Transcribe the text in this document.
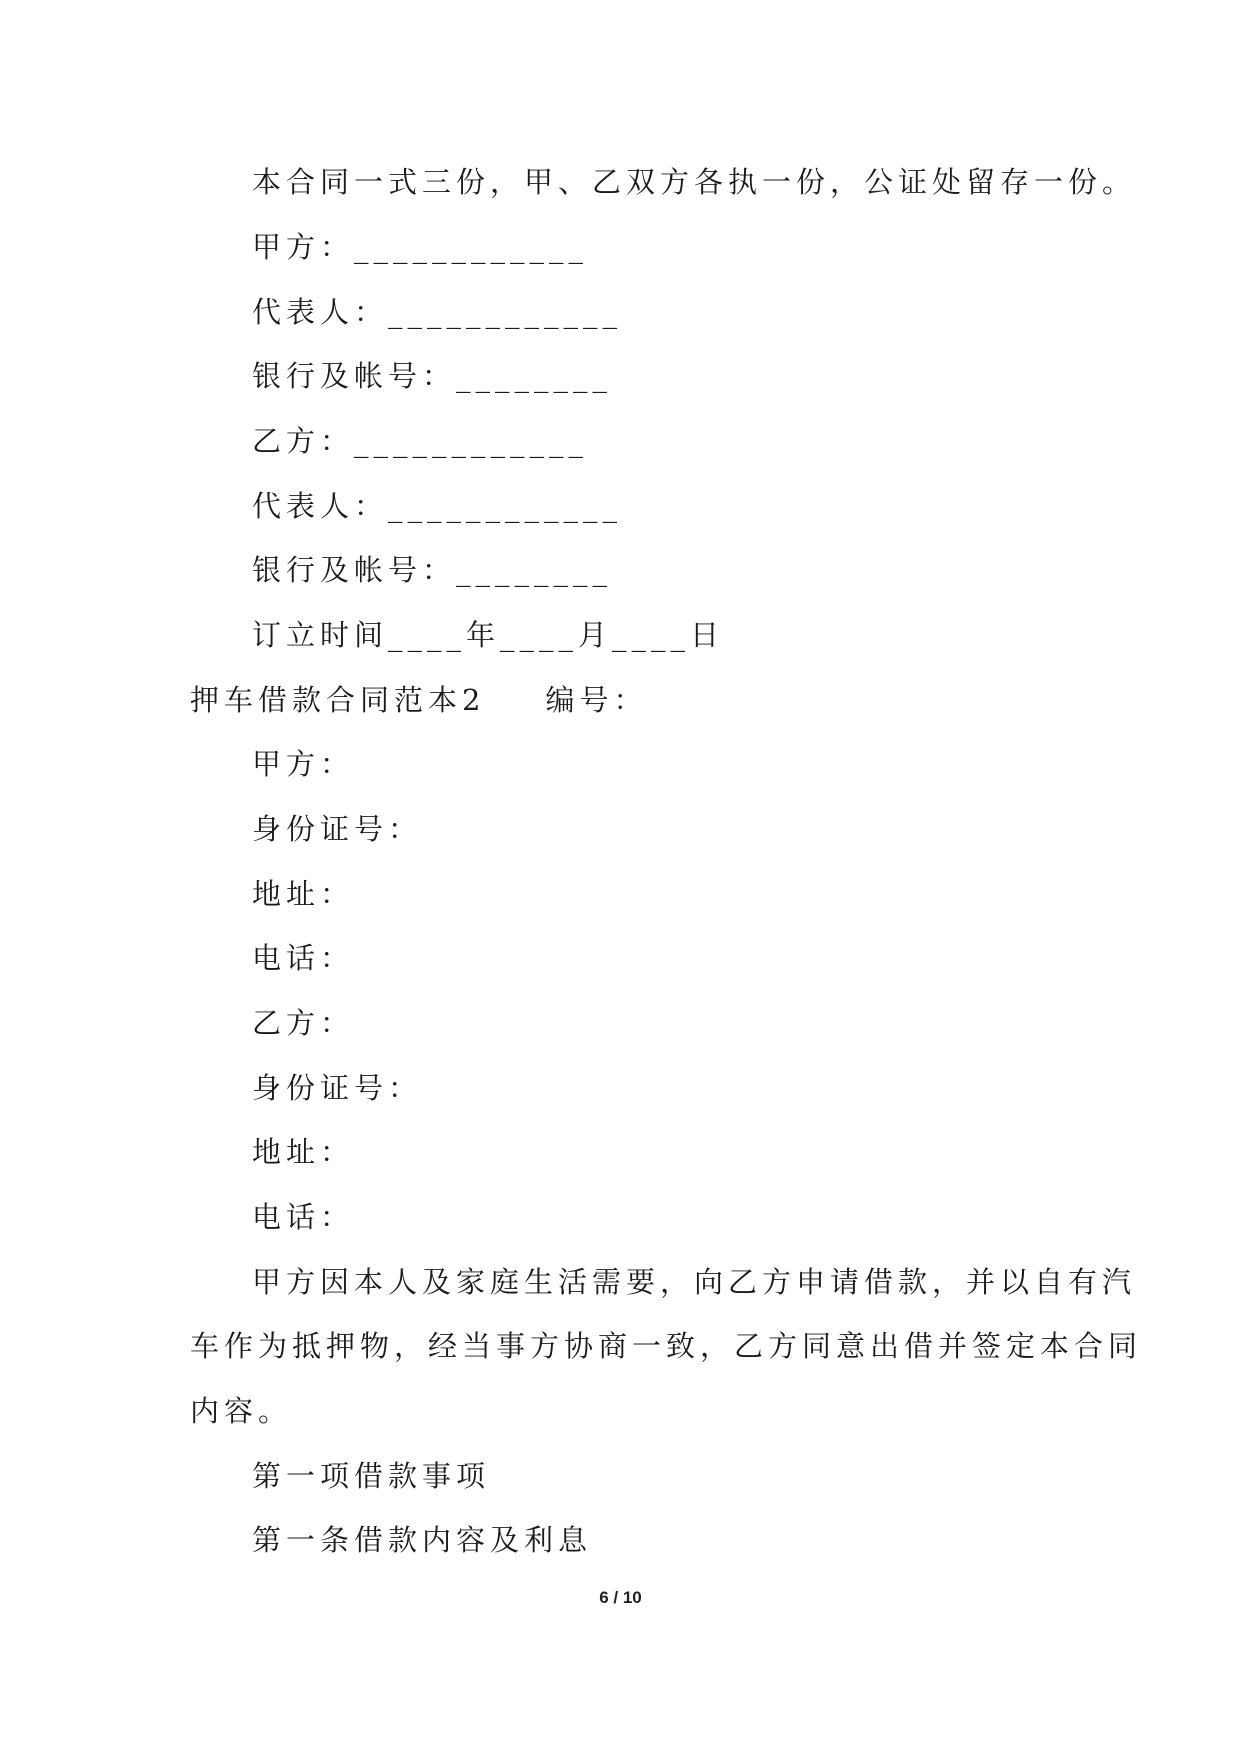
本合同一式三份，甲、乙双方各执一份，公证处留存一份。
甲方：____________
代表人：____________
银行及帐号：________
乙方：____________
代表人：____________
银行及帐号：________
订立时间____年____月____日
押车借款合同范本2 编号：
甲方：
身份证号：
地址：
电话：
乙方：
身份证号：
地址：
电话：
甲方因本人及家庭生活需要，向乙方申请借款，并以自有汽
车作为抵押物，经当事方协商一致，乙方同意出借并签定本合同
内容。
第一项借款事项
第一条借款内容及利息
6 / 10
